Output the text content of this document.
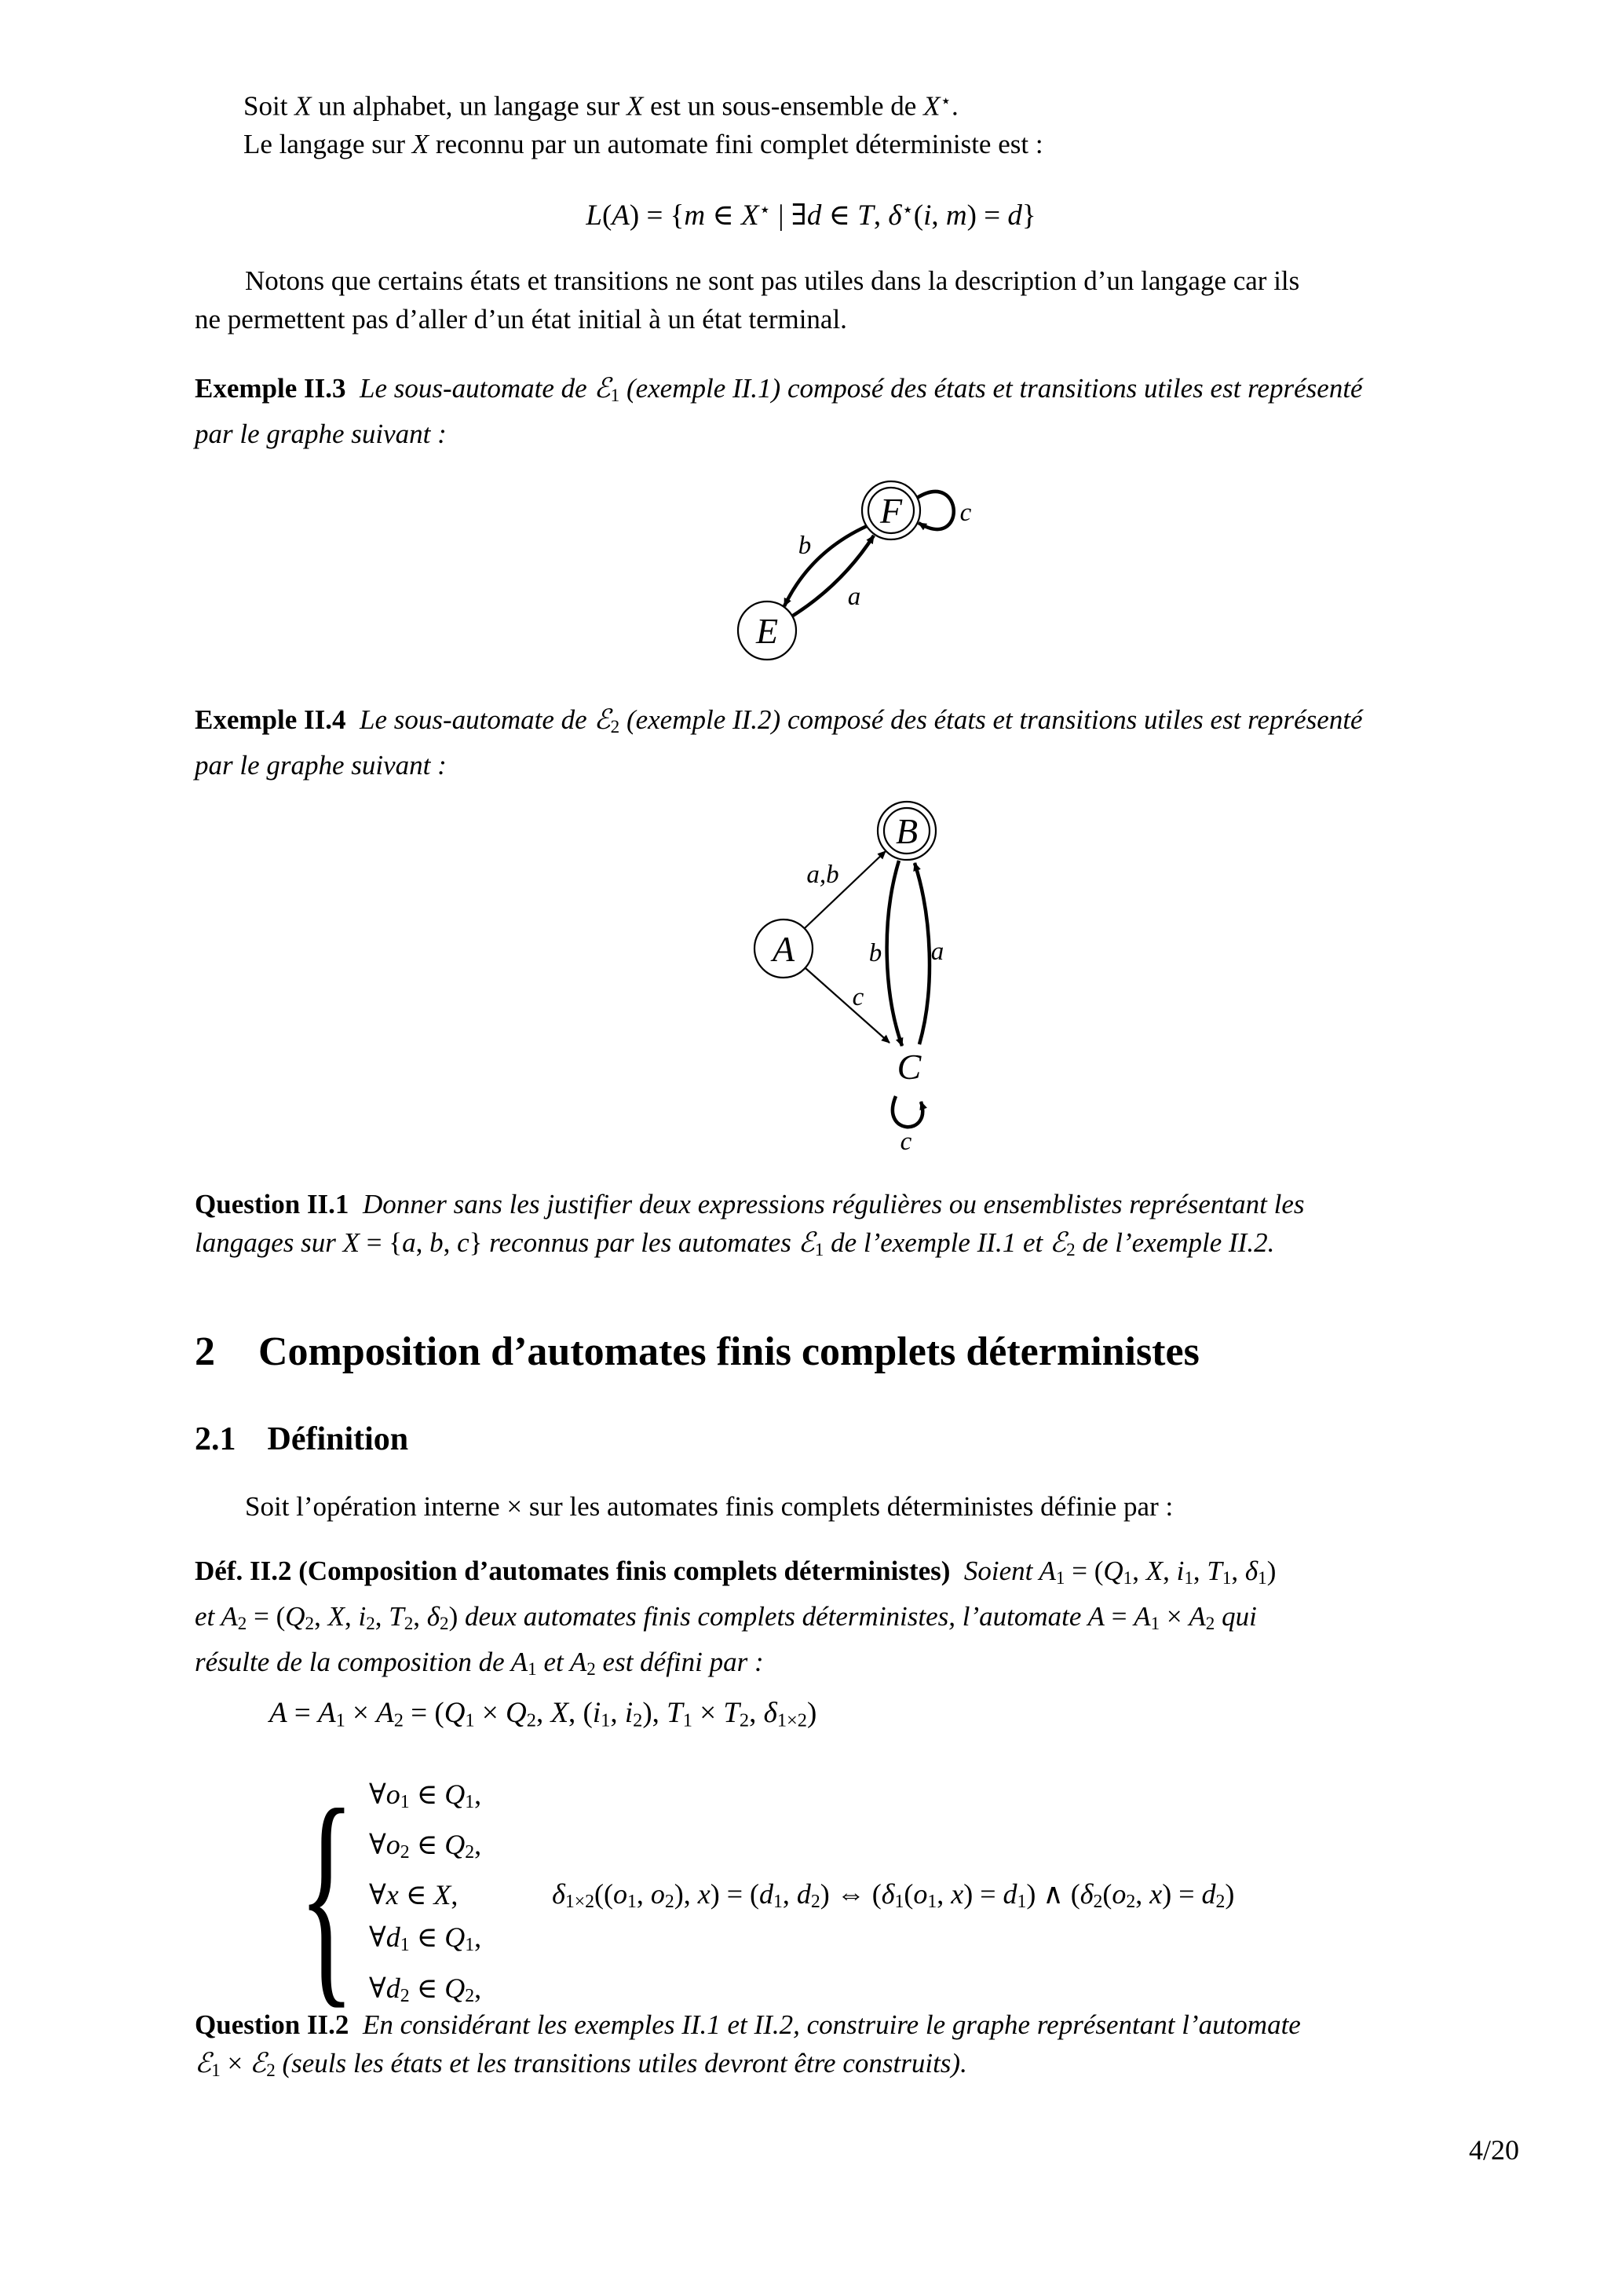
Soit X un alphabet, un langage sur X est un sous-ensemble de X⋆.
Le langage sur X reconnu par un automate fini complet déterministe est :
L(A) = {m ∈ X⋆ | ∃d ∈ T, δ⋆(i, m) = d}
Notons que certains états et transitions ne sont pas utiles dans la description d’un langage car ils
ne permettent pas d’aller d’un état initial à un état terminal.
Exemple II.3 Le sous-automate de ℰ1 (exemple II.1) composé des états et transitions utiles est représenté
par le graphe suivant :
F
E
b
a
c
Exemple II.4 Le sous-automate de ℰ2 (exemple II.2) composé des états et transitions utiles est représenté
par le graphe suivant :
B
A
C
a,b
b a
c
c
Question II.1 Donner sans les justifier deux expressions régulières ou ensemblistes représentant les
langages sur X = {a, b, c} reconnus par les automates ℰ1 de l’exemple II.1 et ℰ2 de l’exemple II.2.
2 Composition d’automates finis complets déterministes
2.1 Définition
Soit l’opération interne × sur les automates finis complets déterministes définie par :
Déf. II.2 (Composition d’automates finis complets déterministes) Soient A1 = (Q1, X, i1, T1, δ1)
et A2 = (Q2, X, i2, T2, δ2) deux automates finis complets déterministes, l’automate A = A1 × A2 qui
résulte de la composition de A1 et A2 est défini par :
A = A1 × A2 = (Q1 × Q2, X, (i1, i2), T1 × T2, δ1×2)
{ ∀o1 ∈ Q1,
∀o2 ∈ Q2,
∀x ∈ X,
∀d1 ∈ Q1,
∀d2 ∈ Q2,
δ1×2((o1, o2), x) = (d1, d2) ⇔ (δ1(o1, x) = d1) ∧ (δ2(o2, x) = d2)
Question II.2 En considérant les exemples II.1 et II.2, construire le graphe représentant l’automate
ℰ1 × ℰ2 (seuls les états et les transitions utiles devront être construits).
4/20
